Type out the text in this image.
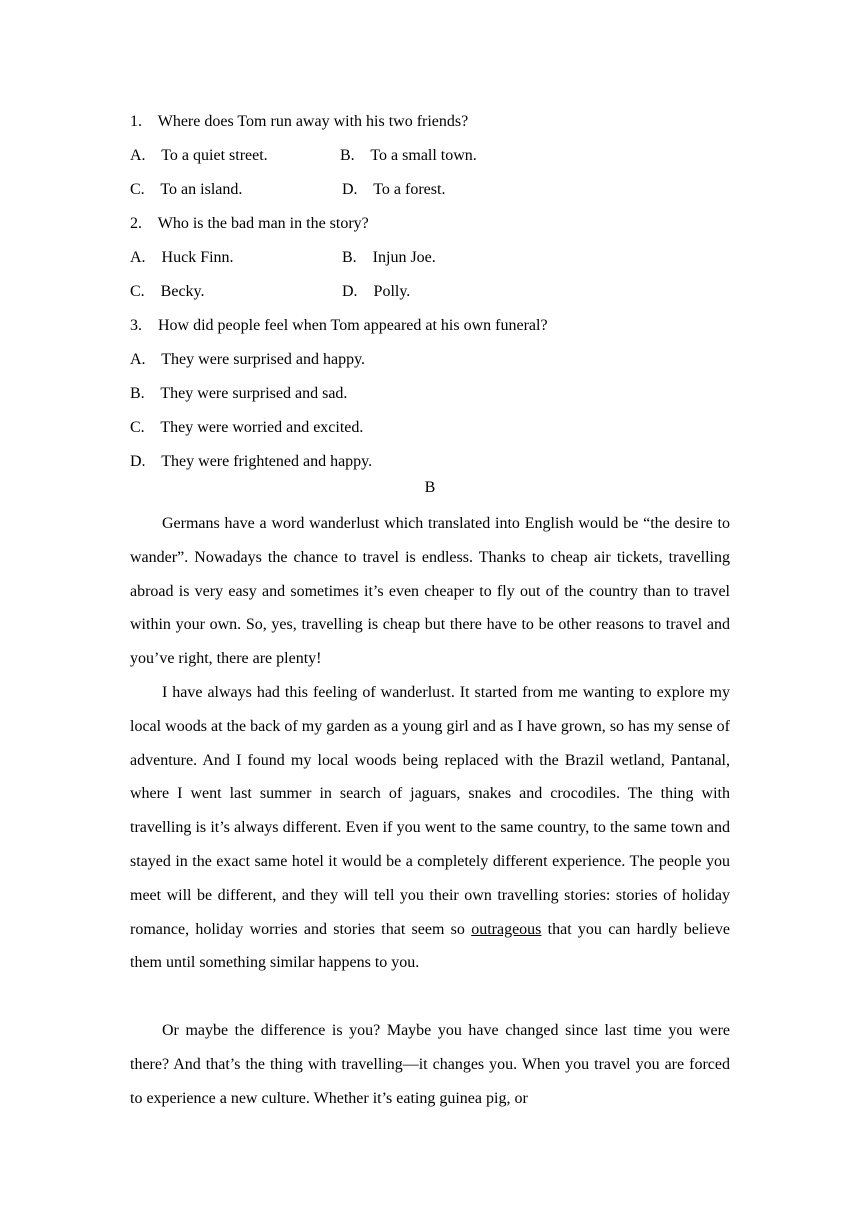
1.    Where does Tom run away with his two friends?
A.    To a quiet street.	B.    To a small town.
C.    To an island.	D.    To a forest.
2.    Who is the bad man in the story?
A.    Huck Finn.	B.    Injun Joe.
C.    Becky.	D.    Polly.
3.    How did people feel when Tom appeared at his own funeral?
A.    They were surprised and happy.
B.    They were surprised and sad.
C.    They were worried and excited.
D.    They were frightened and happy.
B

Germans have a word wanderlust which translated into English would be “the desire to wander”. Nowadays the chance to travel is endless. Thanks to cheap air tickets, travelling abroad is very easy and sometimes it’s even cheaper to fly out of the country than to travel within your own. So, yes, travelling is cheap but there have to be other reasons to travel and you’ve right, there are plenty!

I have always had this feeling of wanderlust. It started from me wanting to explore my local woods at the back of my garden as a young girl and as I have grown, so has my sense of adventure. And I found my local woods being replaced with the Brazil wetland, Pantanal, where I went last summer in search of jaguars, snakes and crocodiles. The thing with travelling is it’s always different. Even if you went to the same country, to the same town and stayed in the exact same hotel it would be a completely different experience. The people you meet will be different, and they will tell you their own travelling stories: stories of holiday romance, holiday worries and stories that seem so outrageous that you can hardly believe them until something similar happens to you.

Or maybe the difference is you? Maybe you have changed since last time you were there? And that’s the thing with travelling—it changes you. When you travel you are forced to experience a new culture. Whether it’s eating guinea pig, or
